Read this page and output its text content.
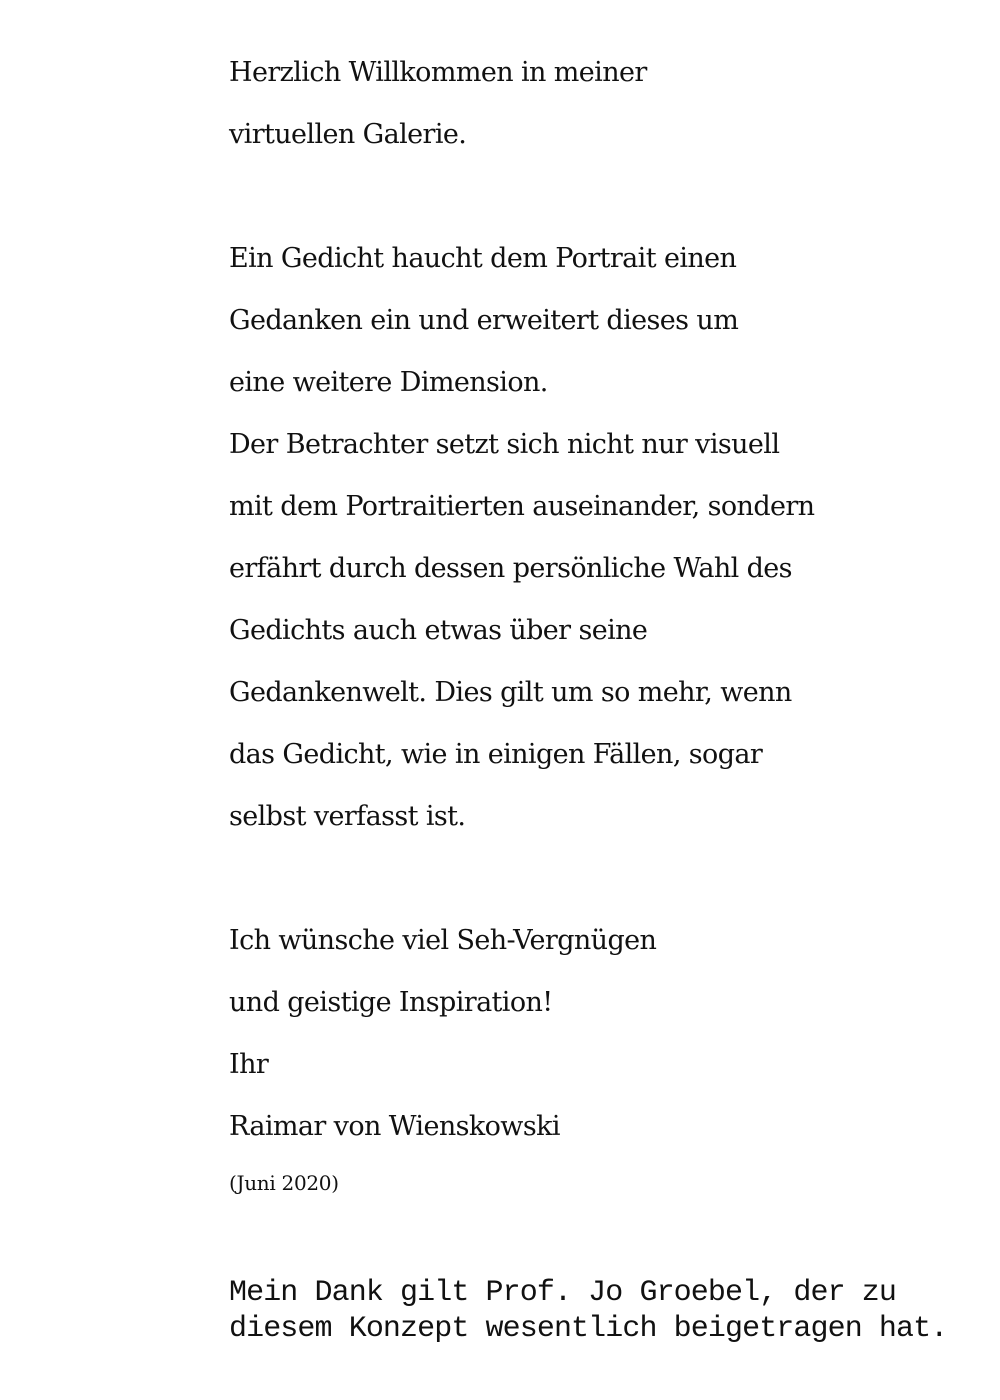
Herzlich Willkommen in meiner
virtuellen Galerie.
Ein Gedicht haucht dem Portrait einen
Gedanken ein und erweitert dieses um
eine weitere Dimension.
Der Betrachter setzt sich nicht nur visuell
mit dem Portraitierten auseinander, sondern
erfährt durch dessen persönliche Wahl des
Gedichts auch etwas über seine
Gedankenwelt. Dies gilt um so mehr, wenn
das Gedicht, wie in einigen Fällen, sogar
selbst verfasst ist.
Ich wünsche viel Seh-Vergnügen
und geistige Inspiration!
Ihr
Raimar von Wienskowski
(Juni 2020)
Mein Dank gilt Prof. Jo Groebel, der zu
diesem Konzept wesentlich beigetragen hat.
